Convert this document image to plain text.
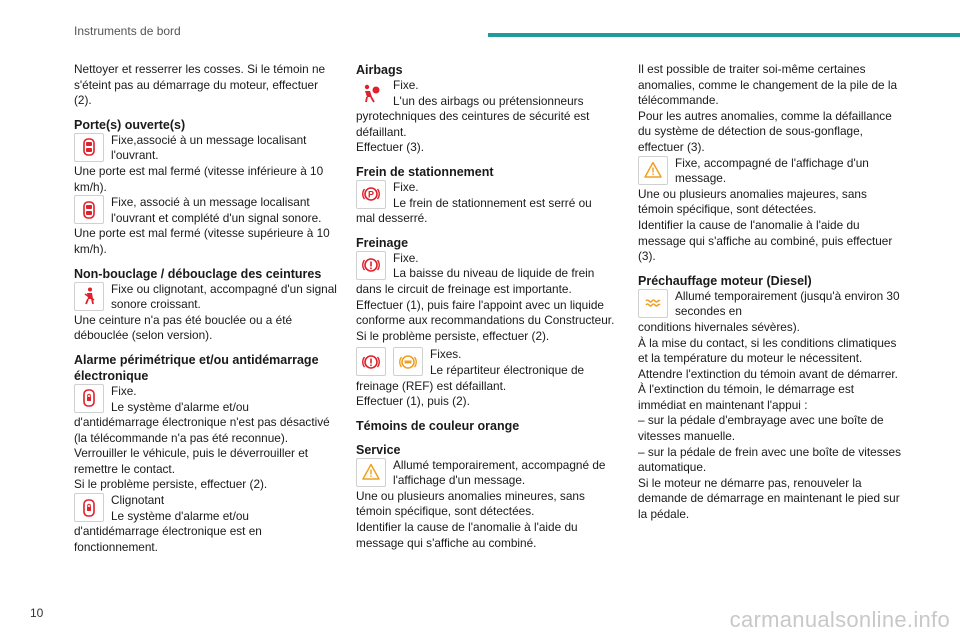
Instruments de bord

Nettoyer et resserrer les cosses. Si le témoin ne s'éteint pas au démarrage du moteur, effectuer (2).

Porte(s) ouverte(s)

Fixe,associé à un message localisant l'ouvrant.

Une porte est mal fermé (vitesse inférieure à 10 km/h).

Fixe, associé à un message localisant l'ouvrant et complété d'un signal sonore.

Une porte est mal fermé (vitesse supérieure à 10 km/h).

Non-bouclage / débouclage des ceintures

Fixe ou clignotant, accompagné d'un signal sonore croissant.

Une ceinture n'a pas été bouclée ou a été débouclée (selon version).

Alarme périmétrique et/ou antidémarrage électronique

Fixe.

Le système d'alarme et/ou

d'antidémarrage électronique n'est pas désactivé (la télécommande n'a pas été reconnue).

Verrouiller le véhicule, puis le déverrouiller et remettre le contact.

Si le problème persiste, effectuer (2).

Clignotant

Le système d'alarme et/ou

d'antidémarrage électronique est en fonctionnement.

Airbags

Fixe.

L'un des airbags ou prétensionneurs

pyrotechniques des ceintures de sécurité est défaillant.

Effectuer (3).

Frein de stationnement
P

Fixe.

Le frein de stationnement est serré ou

mal desserré.

Freinage

Fixe.

La baisse du niveau de liquide de frein

dans le circuit de freinage est importante.

Effectuer (1), puis faire l'appoint avec un liquide conforme aux recommandations du Constructeur. Si le problème persiste, effectuer (2).

Fixes.

Le répartiteur électronique de

freinage (REF) est défaillant.

Effectuer (1), puis (2).

Témoins de couleur orange
Service

Allumé temporairement, accompagné de l'affichage d'un message.

Une ou plusieurs anomalies mineures, sans témoin spécifique, sont détectées.

Identifier la cause de l'anomalie à l'aide du message qui s'affiche au combiné.

Il est possible de traiter soi-même certaines anomalies, comme le changement de la pile de la télécommande.

Pour les autres anomalies, comme la défaillance du système de détection de sous-gonflage, effectuer (3).

Fixe, accompagné de l'affichage d'un message.

Une ou plusieurs anomalies majeures, sans témoin spécifique, sont détectées.

Identifier la cause de l'anomalie à l'aide du message qui s'affiche au combiné, puis effectuer (3).

Préchauffage moteur (Diesel)

Allumé temporairement (jusqu'à environ 30 secondes en

conditions hivernales sévères).

À la mise du contact, si les conditions climatiques et la température du moteur le nécessitent.

Attendre l'extinction du témoin avant de démarrer.

À l'extinction du témoin, le démarrage est immédiat en maintenant l'appui :

– sur la pédale d'embrayage avec une boîte de vitesses manuelle.

– sur la pédale de frein avec une boîte de vitesses automatique.

Si le moteur ne démarre pas, renouveler la demande de démarrage en maintenant le pied sur la pédale.

10	carmanualsonline.info
